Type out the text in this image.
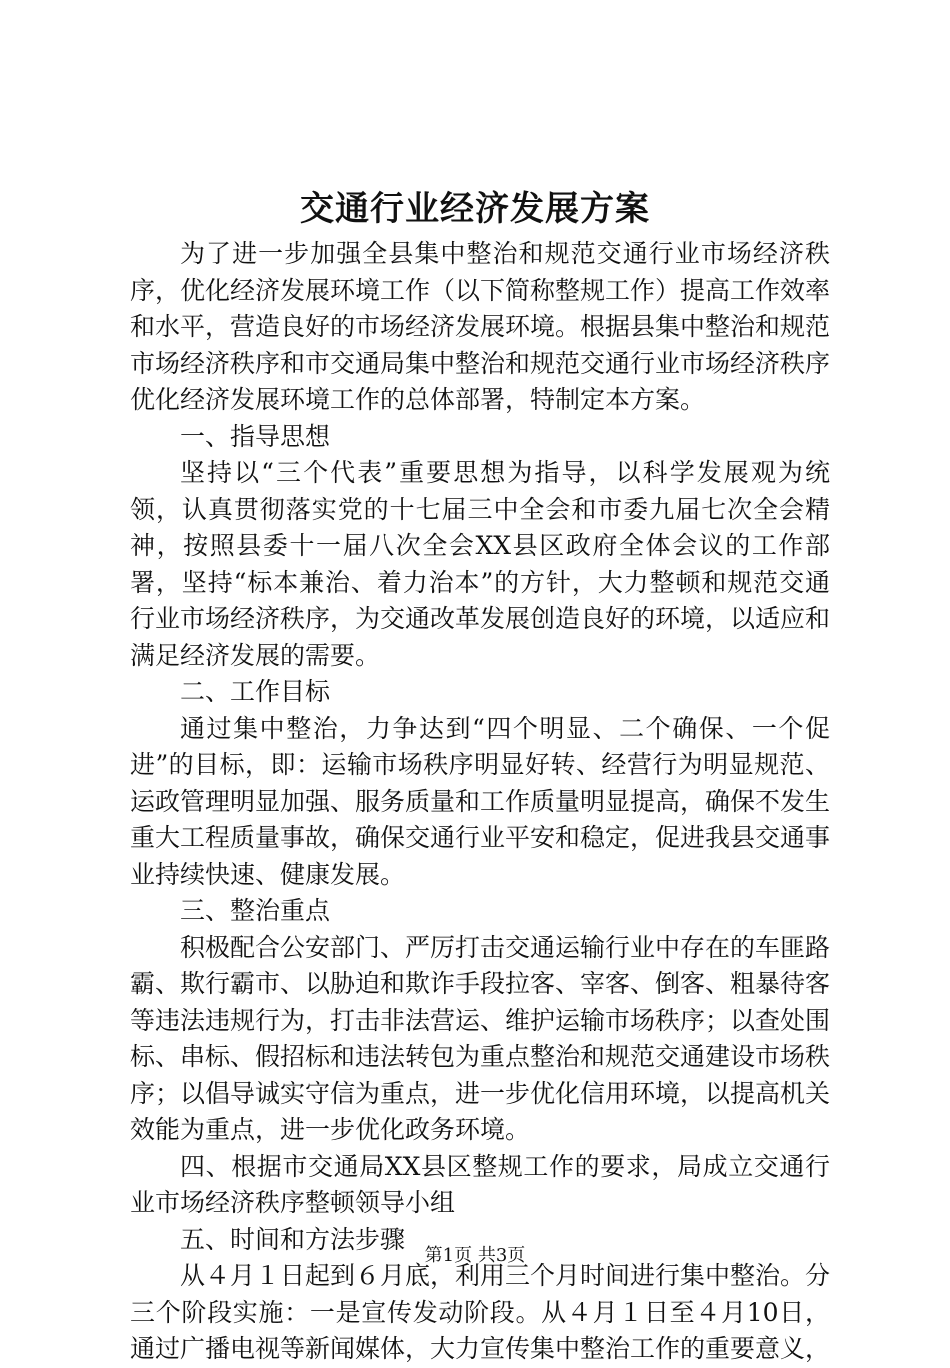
交通行业经济发展方案

为了进一步加强全县集中整治和规范交通行业市场经济秩序，优化经济发展环境工作（以下简称整规工作）提高工作效率和水平，营造良好的市场经济发展环境。根据县集中整治和规范市场经济秩序和市交通局集中整治和规范交通行业市场经济秩序优化经济发展环境工作的总体部署，特制定本方案。

一、指导思想

坚持以“三个代表”重要思想为指导，以科学发展观为统领，认真贯彻落实党的十七届三中全会和市委九届七次全会精神，按照县委十一届八次全会XX县区政府全体会议的工作部署，坚持“标本兼治、着力治本”的方针，大力整顿和规范交通行业市场经济秩序，为交通改革发展创造良好的环境，以适应和满足经济发展的需要。

二、工作目标

通过集中整治，力争达到“四个明显、二个确保、一个促进”的目标，即：运输市场秩序明显好转、经营行为明显规范、运政管理明显加强、服务质量和工作质量明显提高，确保不发生重大工程质量事故，确保交通行业平安和稳定，促进我县交通事业持续快速、健康发展。

三、整治重点

积极配合公安部门、严厉打击交通运输行业中存在的车匪路霸、欺行霸市、以胁迫和欺诈手段拉客、宰客、倒客、粗暴待客等违法违规行为，打击非法营运、维护运输市场秩序；以查处围标、串标、假招标和违法转包为重点整治和规范交通建设市场秩序；以倡导诚实守信为重点，进一步优化信用环境，以提高机关效能为重点，进一步优化政务环境。

四、根据市交通局XX县区整规工作的要求，局成立交通行业市场经济秩序整顿领导小组

五、时间和方法步骤

从４月１日起到６月底，利用三个月时间进行集中整治。分三个阶段实施：一是宣传发动阶段。从４月１日至４月10日，通过广播电视等新闻媒体，大力宣传集中整治工作的重要意义，

第1页 共3页
